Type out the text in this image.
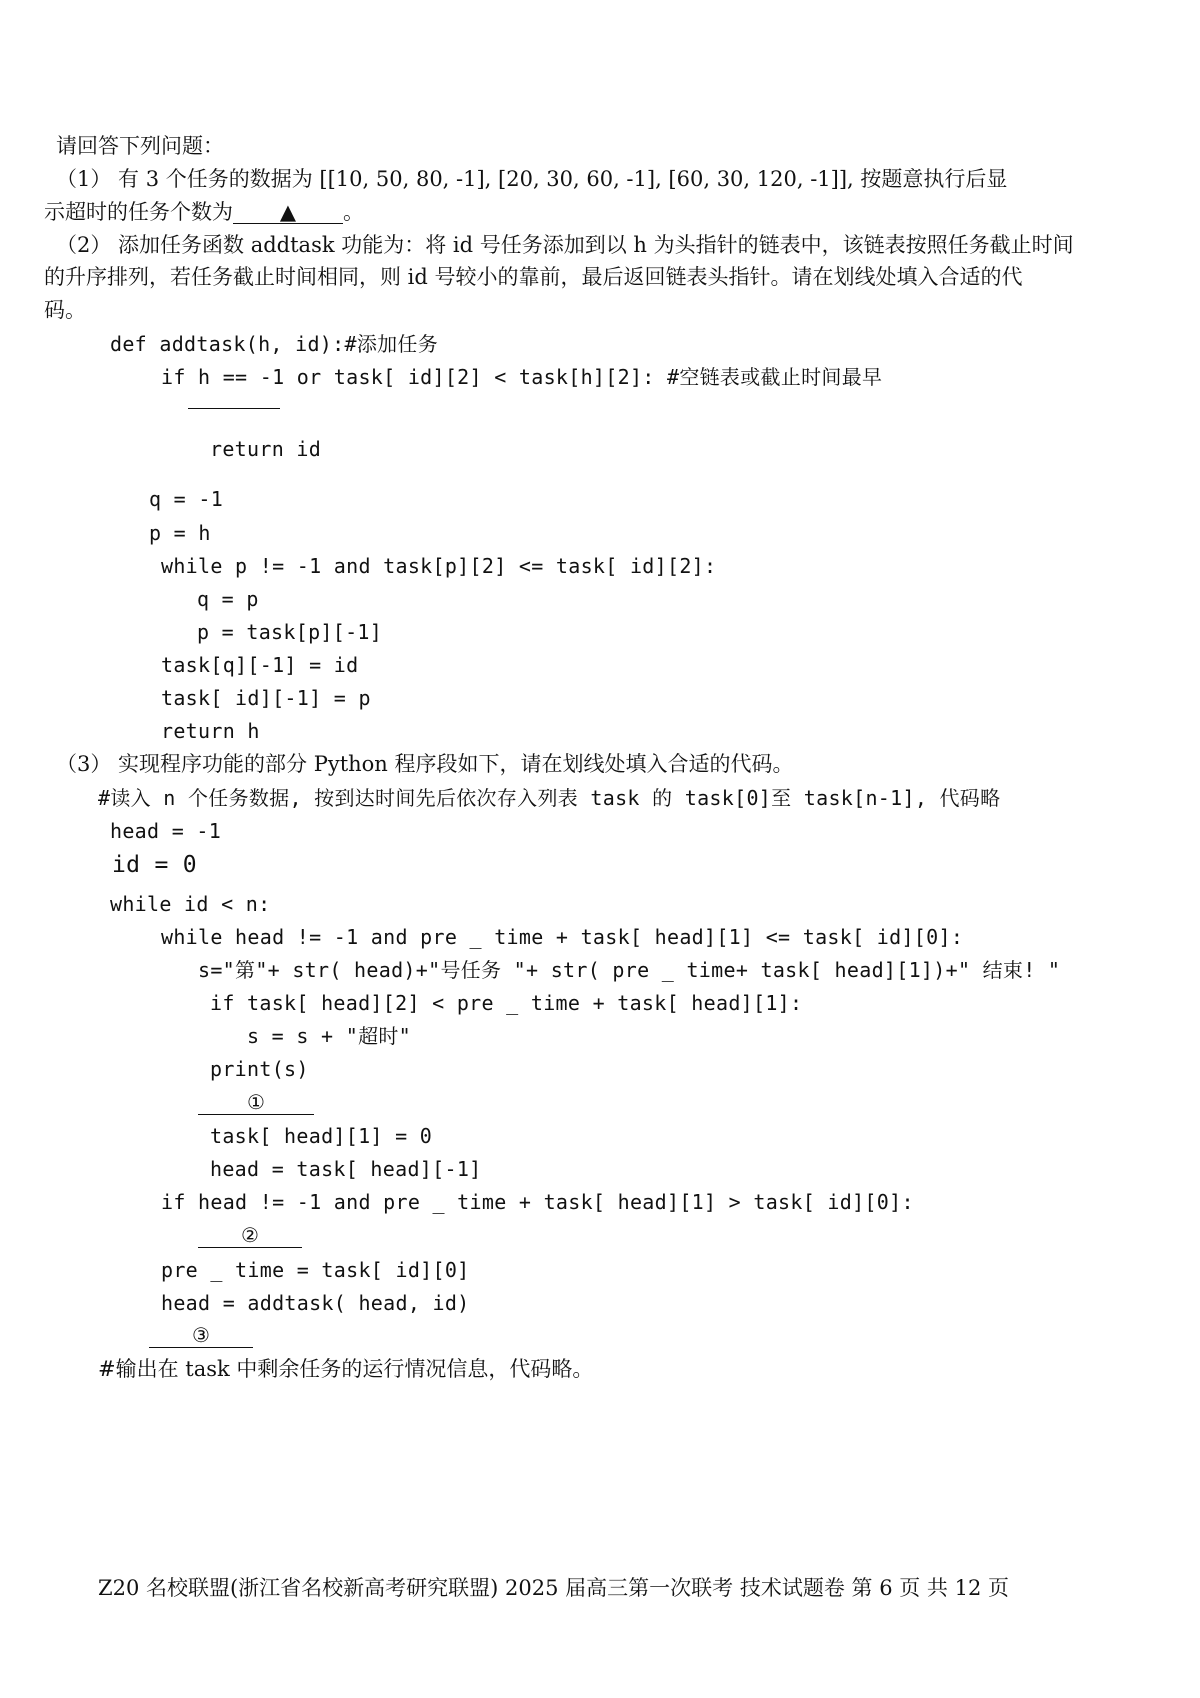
请回答下列问题：
（1） 有 3 个任务的数据为 [[10, 50, 80, -1], [20, 30, 60, -1], [60, 30, 120, -1]], 按题意执行后显
示超时的任务个数为 ▲ 。
（2） 添加任务函数 addtask 功能为：将 id 号任务添加到以 h 为头指针的链表中，该链表按照任务截止时间
的升序排列，若任务截止时间相同，则 id 号较小的靠前，最后返回链表头指针。请在划线处填入合适的代
码。
def addtask(h, id):#添加任务
if h == -1 or task[ id][2] < task[h][2]: #空链表或截止时间最早
return id
q = -1
p = h
while p != -1 and task[p][2] <= task[ id][2]:
q = p
p = task[p][-1]
task[q][-1] = id
task[ id][-1] = p
return h
（3） 实现程序功能的部分 Python 程序段如下，请在划线处填入合适的代码。
#读入 n 个任务数据, 按到达时间先后依次存入列表 task 的 task[0]至 task[n-1], 代码略
head = -1
id = 0
while id < n:
while head != -1 and pre _ time + task[ head][1] <= task[ id][0]:
s="第"+ str( head)+"号任务 "+ str( pre _ time+ task[ head][1])+" 结束! "
if task[ head][2] < pre _ time + task[ head][1]:
s = s + "超时"
print(s)
①
task[ head][1] = 0
head = task[ head][-1]
if head != -1 and pre _ time + task[ head][1] > task[ id][0]:
②
pre _ time = task[ id][0]
head = addtask( head, id)
③
#输出在 task 中剩余任务的运行情况信息，代码略。
Z20 名校联盟(浙江省名校新高考研究联盟) 2025 届高三第一次联考 技术试题卷 第 6 页 共 12 页
